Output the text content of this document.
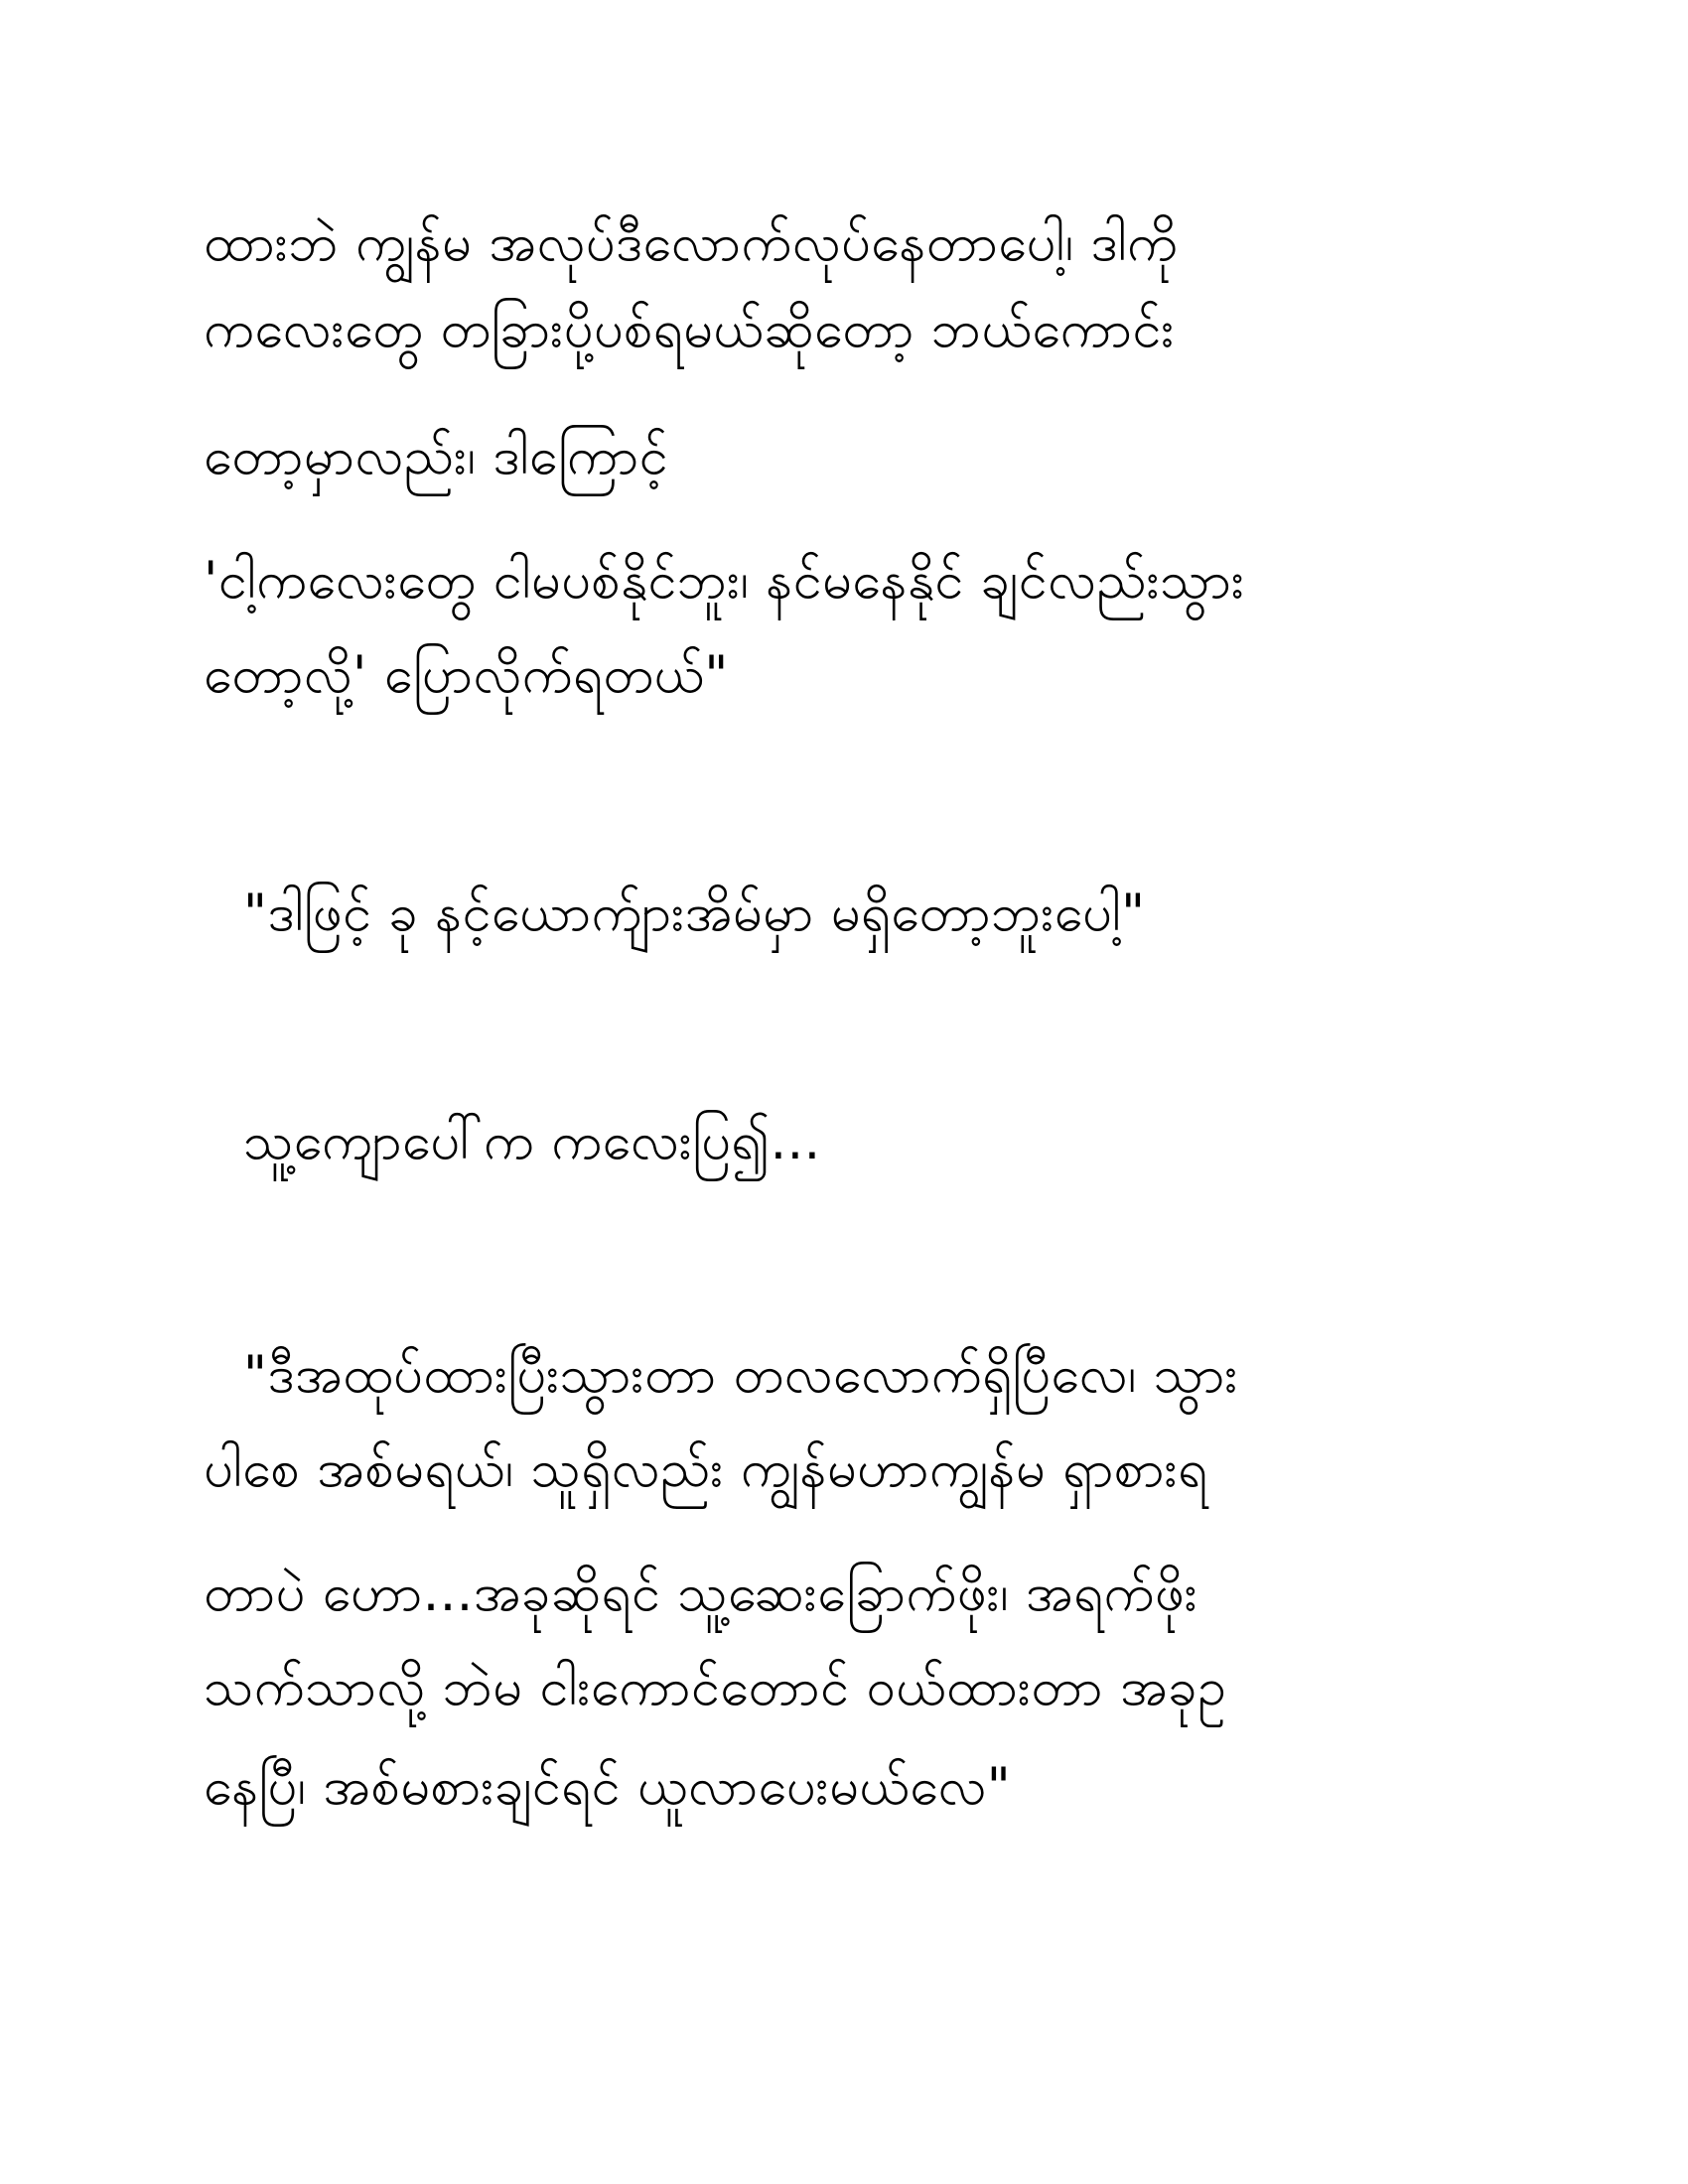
ထားဘဲ ကျွန်မ အလုပ်ဒီလောက်လုပ်နေတာပေါ့၊ ဒါကို
ကလေးတွေ တခြားပို့ပစ်ရမယ်ဆိုတော့ ဘယ်ကောင်း
တော့မှာလည်း၊ ဒါကြောင့်
'ငါ့ကလေးတွေ ငါမပစ်နိုင်ဘူး၊ နင်မနေနိုင် ချင်လည်းသွား
တော့လို့' ပြောလိုက်ရတယ်"
"ဒါဖြင့် ခု နင့်ယောက်ျားအိမ်မှာ မရှိတော့ဘူးပေါ့"
သူ့ကျောပေါ်က ကလေးပြ၍...
"ဒီအထုပ်ထားပြီးသွားတာ တလလောက်ရှိပြီလေ၊ သွား
ပါစေ အစ်မရယ်၊ သူရှိလည်း ကျွန်မဟာကျွန်မ ရှာစားရ
တာပဲ ဟော...အခုဆိုရင် သူ့ဆေးခြောက်ဖိုး၊ အရက်ဖိုး
သက်သာလို့ ဘဲမ ငါးကောင်တောင် ဝယ်ထားတာ အခုဥ
နေပြီ၊ အစ်မစားချင်ရင် ယူလာပေးမယ်လေ"
